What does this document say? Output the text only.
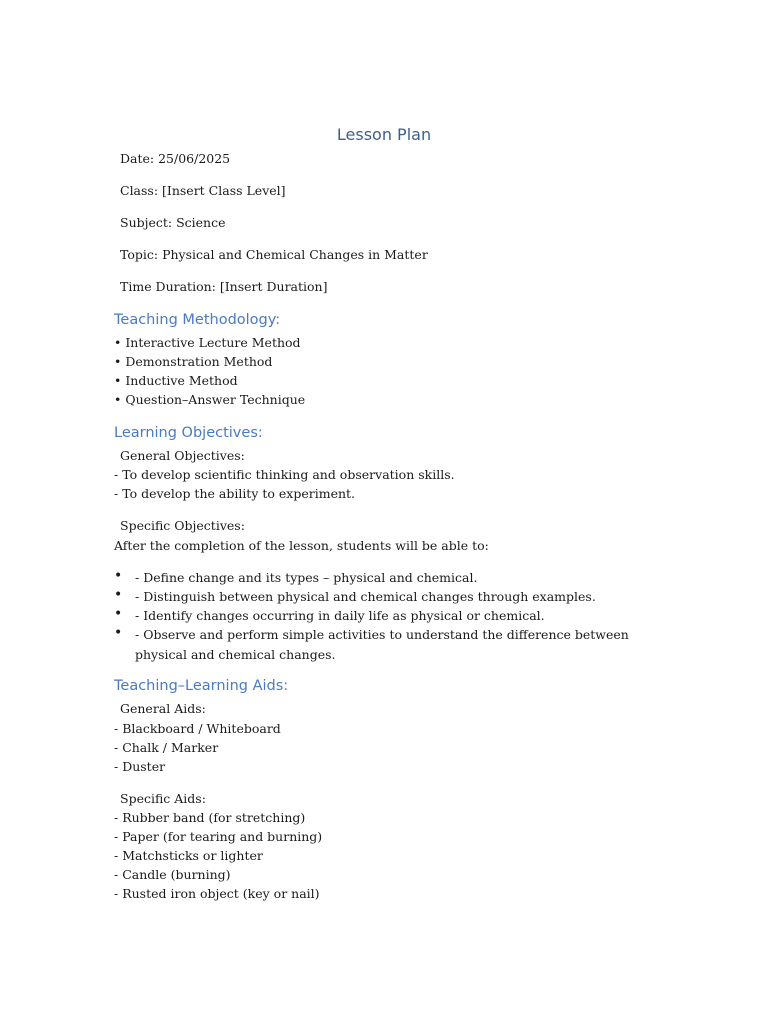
Lesson Plan
Date: 25/06/2025
Class: [Insert Class Level]
Subject: Science
Topic: Physical and Chemical Changes in Matter
Time Duration: [Insert Duration]
Teaching Methodology:
• Interactive Lecture Method
• Demonstration Method
• Inductive Method
• Question–Answer Technique
Learning Objectives:
General Objectives:
- To develop scientific thinking and observation skills.
- To develop the ability to experiment.
Specific Objectives:
After the completion of the lesson, students will be able to:
• - Define change and its types – physical and chemical.
• - Distinguish between physical and chemical changes through examples.
• - Identify changes occurring in daily life as physical or chemical.
• - Observe and perform simple activities to understand the difference between physical and chemical changes.
Teaching–Learning Aids:
General Aids:
- Blackboard / Whiteboard
- Chalk / Marker
- Duster
Specific Aids:
- Rubber band (for stretching)
- Paper (for tearing and burning)
- Matchsticks or lighter
- Candle (burning)
- Rusted iron object (key or nail)
